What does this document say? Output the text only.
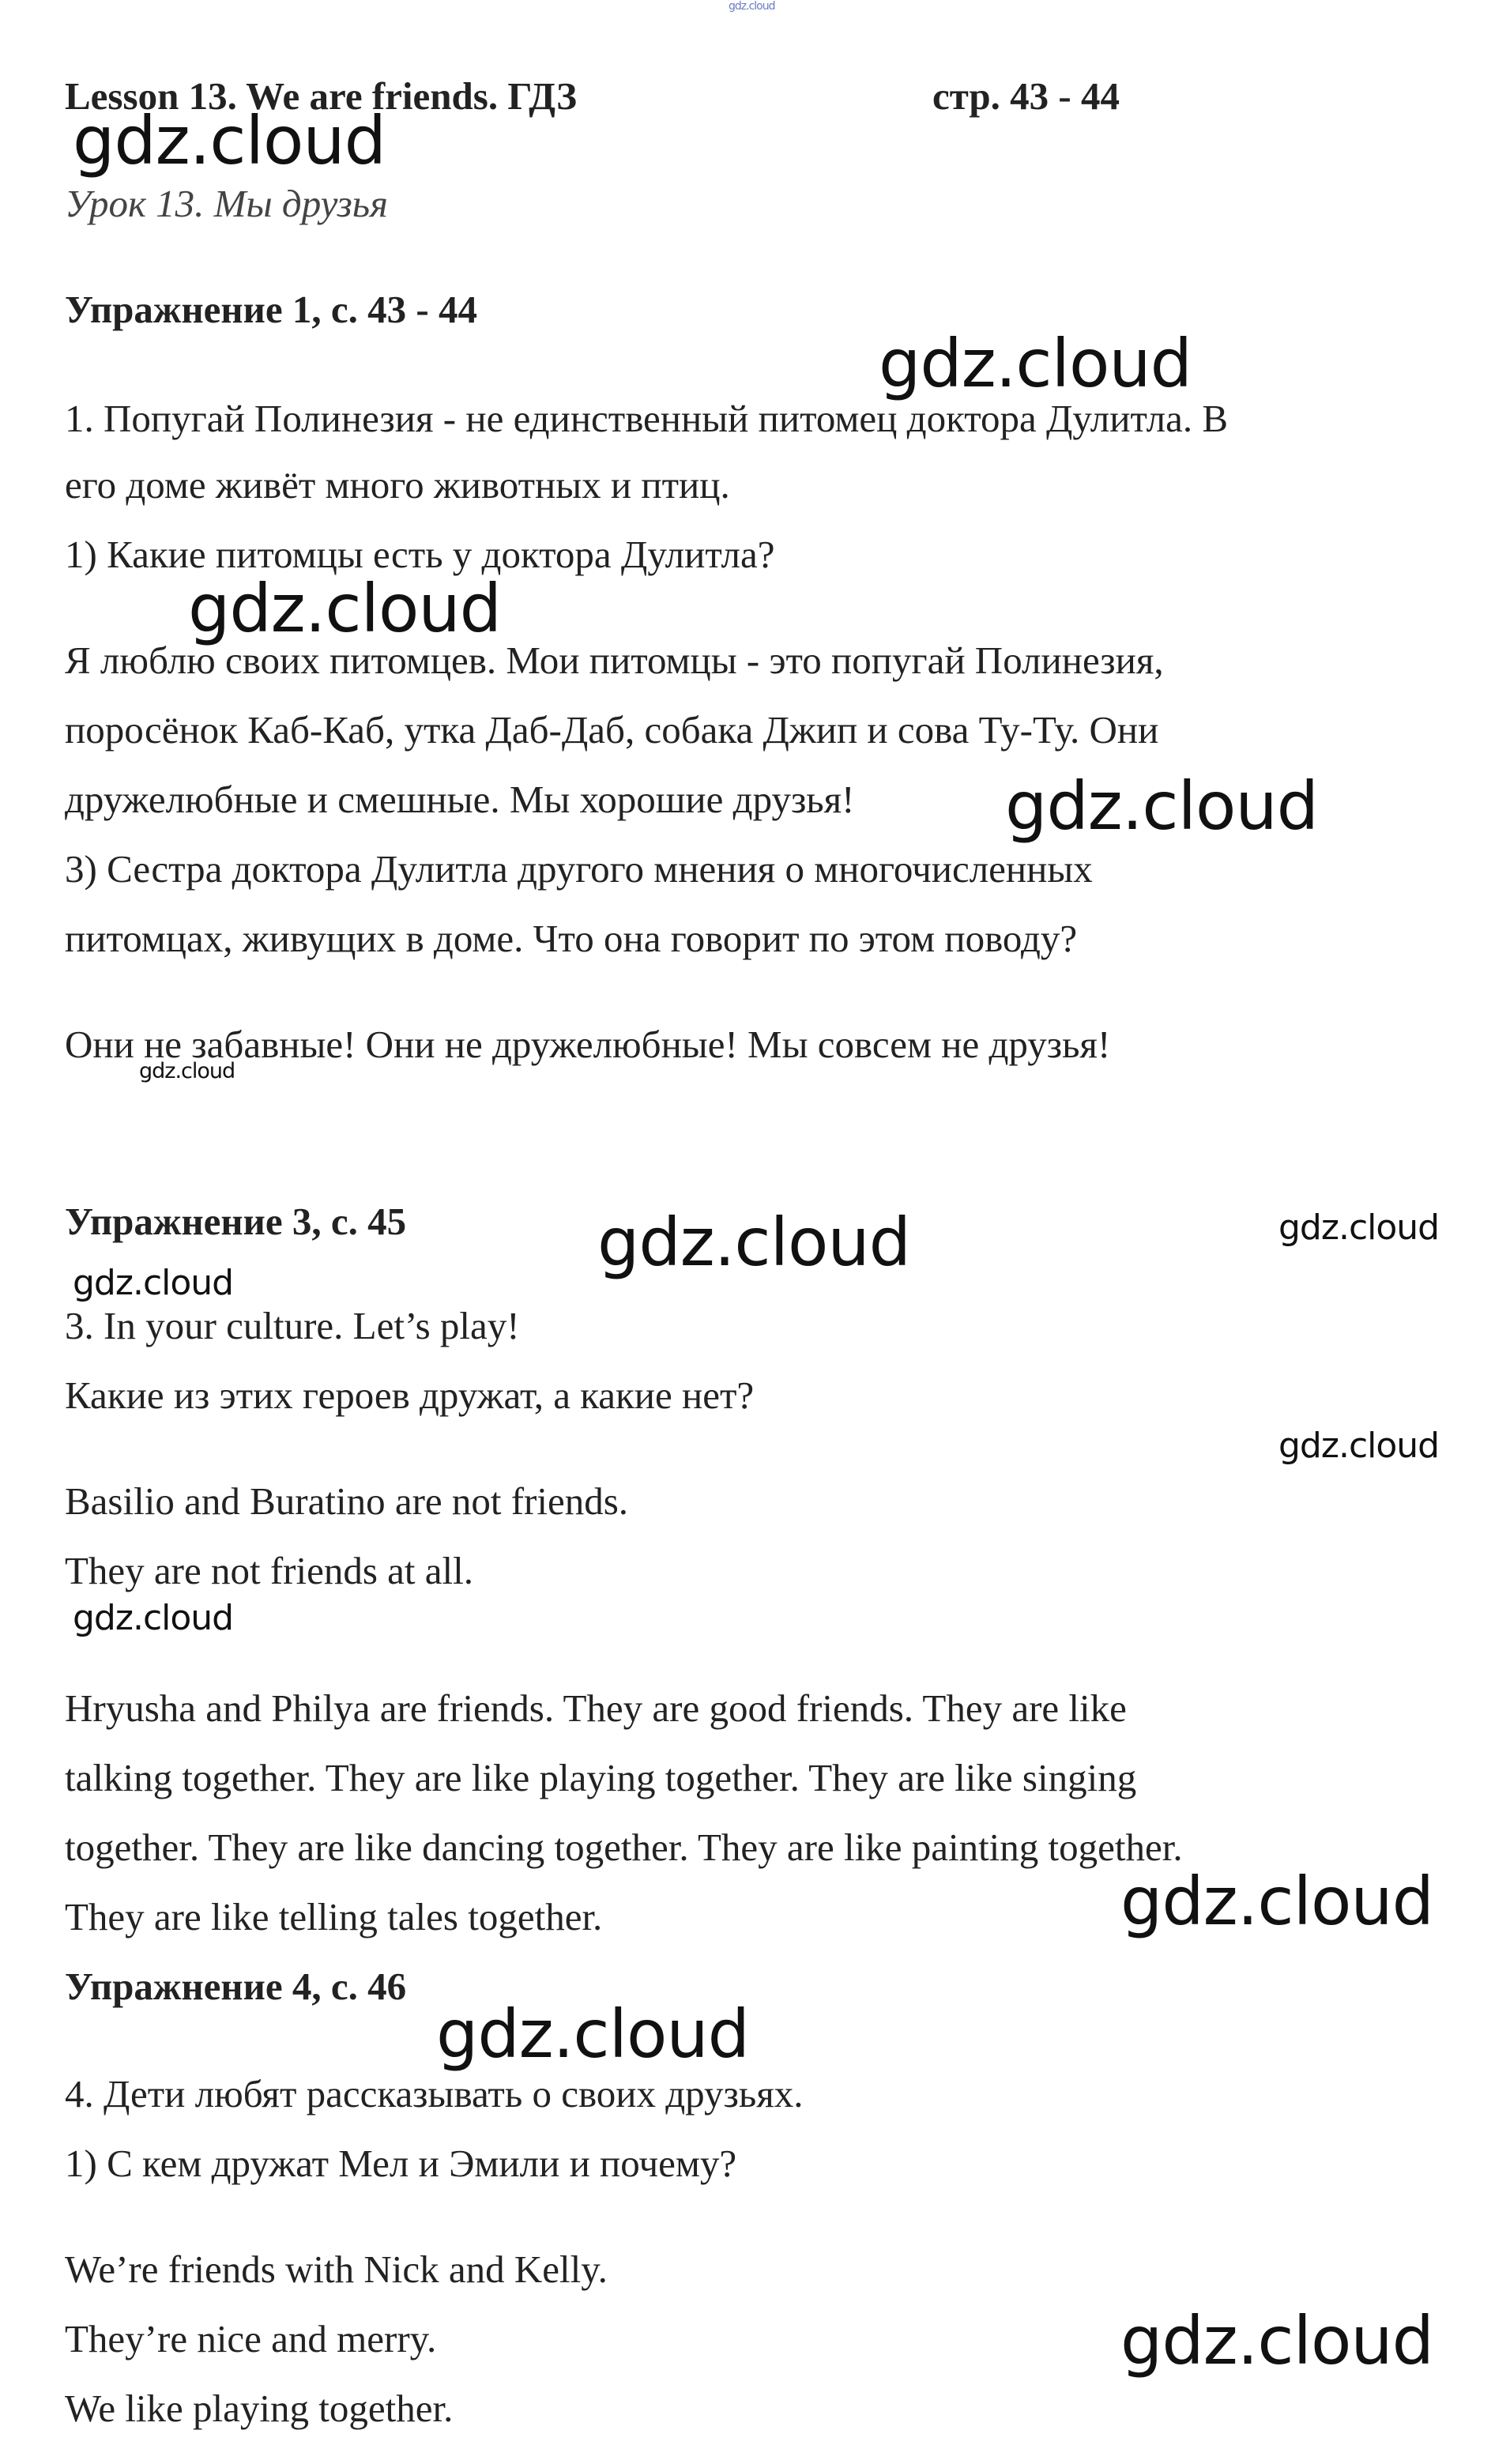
gdz.cloud
Lesson 13. We are friends. ГДЗ	стр. 43 - 44
Урок 13. Мы друзья
Упражнение 1, с. 43 - 44
1. Попугай Полинезия - не единственный питомец доктора Дулитла. В
его доме живёт много животных и птиц.
1) Какие питомцы есть у доктора Дулитла?
Я люблю своих питомцев. Мои питомцы - это попугай Полинезия,
поросёнок Каб-Каб, утка Даб-Даб, собака Джип и сова Ту-Ту. Они
дружелюбные и смешные. Мы хорошие друзья!
3) Сестра доктора Дулитла другого мнения о многочисленных
питомцах, живущих в доме. Что она говорит по этом поводу?
Они не забавные! Они не дружелюбные! Мы совсем не друзья!
Упражнение 3, с. 45
3. In your culture. Let’s play!
Какие из этих героев дружат, а какие нет?
Basilio and Buratino are not friends.
They are not friends at all.
Hryusha and Philya are friends. They are good friends. They are like
talking together. They are like playing together. They are like singing
together. They are like dancing together. They are like painting together.
They are like telling tales together.
Упражнение 4, с. 46
4. Дети любят рассказывать о своих друзьях.
1) С кем дружат Мел и Эмили и почему?
We’re friends with Nick and Kelly.
They’re nice and merry.
We like playing together.
gdz.cloud
gdz.cloud
gdz.cloud
gdz.cloud
gdz.cloud
gdz.cloud	gdz.cloud
gdz.cloud
gdz.cloud
gdz.cloud
gdz.cloud
gdz.cloud
gdz.cloud
